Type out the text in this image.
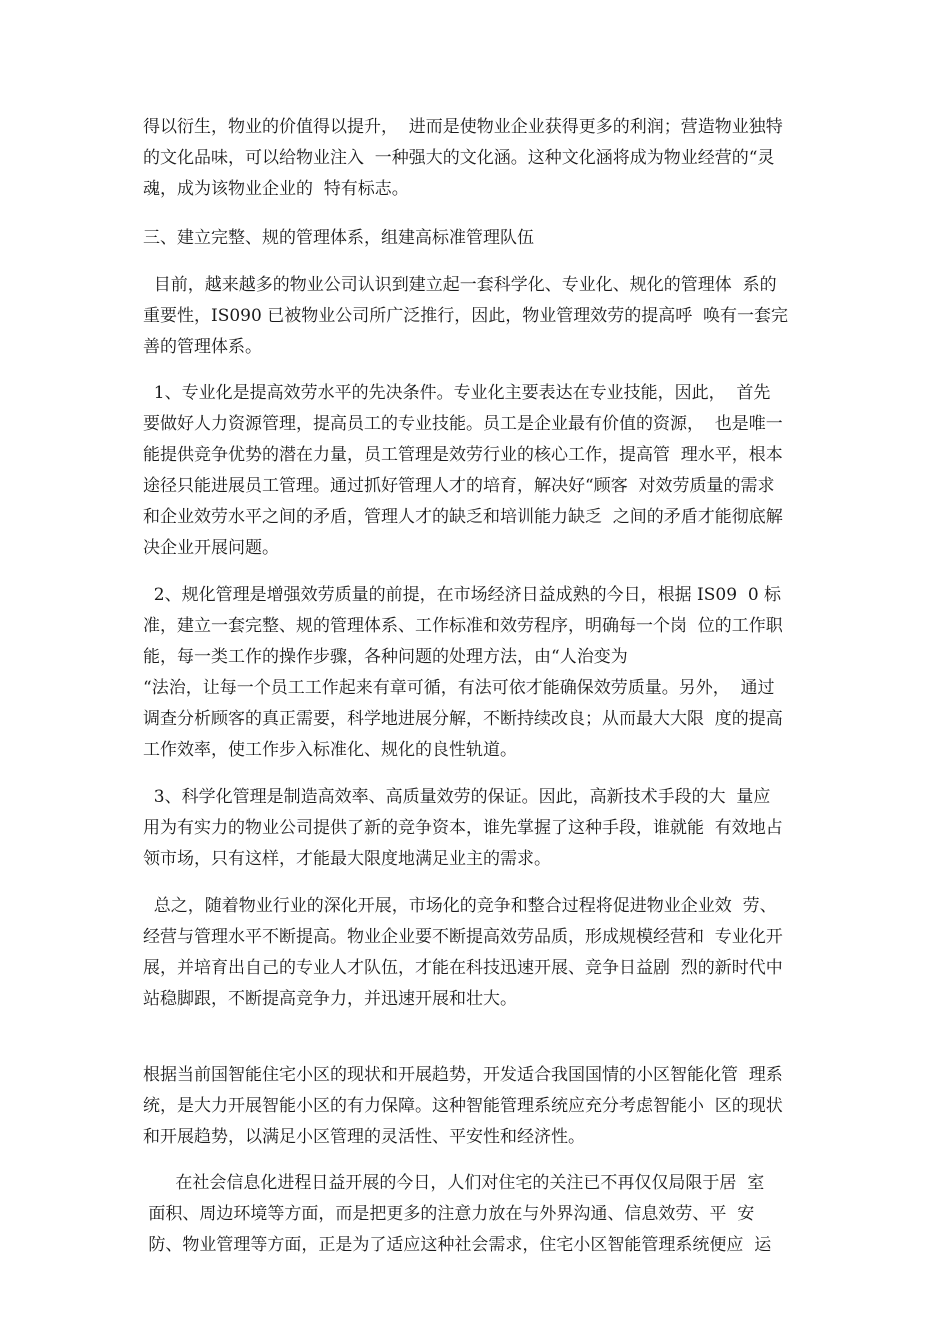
得以衍生，物业的价值得以提升，  进而是使物业企业获得更多的利润；营造物业独特

的文化品味，可以给物业注入  一种强大的文化涵。这种文化涵将成为物业经营的“灵

魂，成为该物业企业的  特有标志。

三、建立完整、规的管理体系，组建高标准管理队伍

目前，越来越多的物业公司认识到建立起一套科学化、专业化、规化的管理体  系的

重要性，IS090 已被物业公司所广泛推行，因此，物业管理效劳的提高呼  唤有一套完

善的管理体系。

1、专业化是提高效劳水平的先决条件。专业化主要表达在专业技能，因此，  首先

要做好人力资源管理，提高员工的专业技能。员工是企业最有价值的资源，  也是唯一

能提供竞争优势的潜在力量，员工管理是效劳行业的核心工作，提高管  理水平，根本

途径只能进展员工管理。通过抓好管理人才的培育，解决好“顾客  对效劳质量的需求

和企业效劳水平之间的矛盾，管理人才的缺乏和培训能力缺乏  之间的矛盾才能彻底解

决企业开展问题。

2、规化管理是增强效劳质量的前提，在市场经济日益成熟的今日，根据 IS09  0 标

准，建立一套完整、规的管理体系、工作标准和效劳程序，明确每一个岗  位的工作职

能，每一类工作的操作步骤，各种问题的处理方法，由“人治变为

“法治，让每一个员工工作起来有章可循，有法可依才能确保效劳质量。另外，  通过

调查分析顾客的真正需要，科学地进展分解，不断持续改良；从而最大大限  度的提高

工作效率，使工作步入标准化、规化的良性轨道。

3、科学化管理是制造高效率、高质量效劳的保证。因此，高新技术手段的大  量应

用为有实力的物业公司提供了新的竞争资本，谁先掌握了这种手段，谁就能  有效地占

领市场，只有这样，才能最大限度地满足业主的需求。

总之，随着物业行业的深化开展，市场化的竞争和整合过程将促进物业企业效  劳、

经营与管理水平不断提高。物业企业要不断提高效劳品质，形成规模经营和  专业化开

展，并培育出自己的专业人才队伍，才能在科技迅速开展、竞争日益剧  烈的新时代中

站稳脚跟，不断提高竞争力，并迅速开展和壮大。

根据当前国智能住宅小区的现状和开展趋势，开发适合我国国情的小区智能化管  理系

统，是大力开展智能小区的有力保障。这种智能管理系统应充分考虑智能小  区的现状

和开展趋势，以满足小区管理的灵活性、平安性和经济性。

在社会信息化进程日益开展的今日，人们对住宅的关注已不再仅仅局限于居  室

面积、周边环境等方面，而是把更多的注意力放在与外界沟通、信息效劳、平  安

防、物业管理等方面，正是为了适应这种社会需求，住宅小区智能管理系统便应  运
